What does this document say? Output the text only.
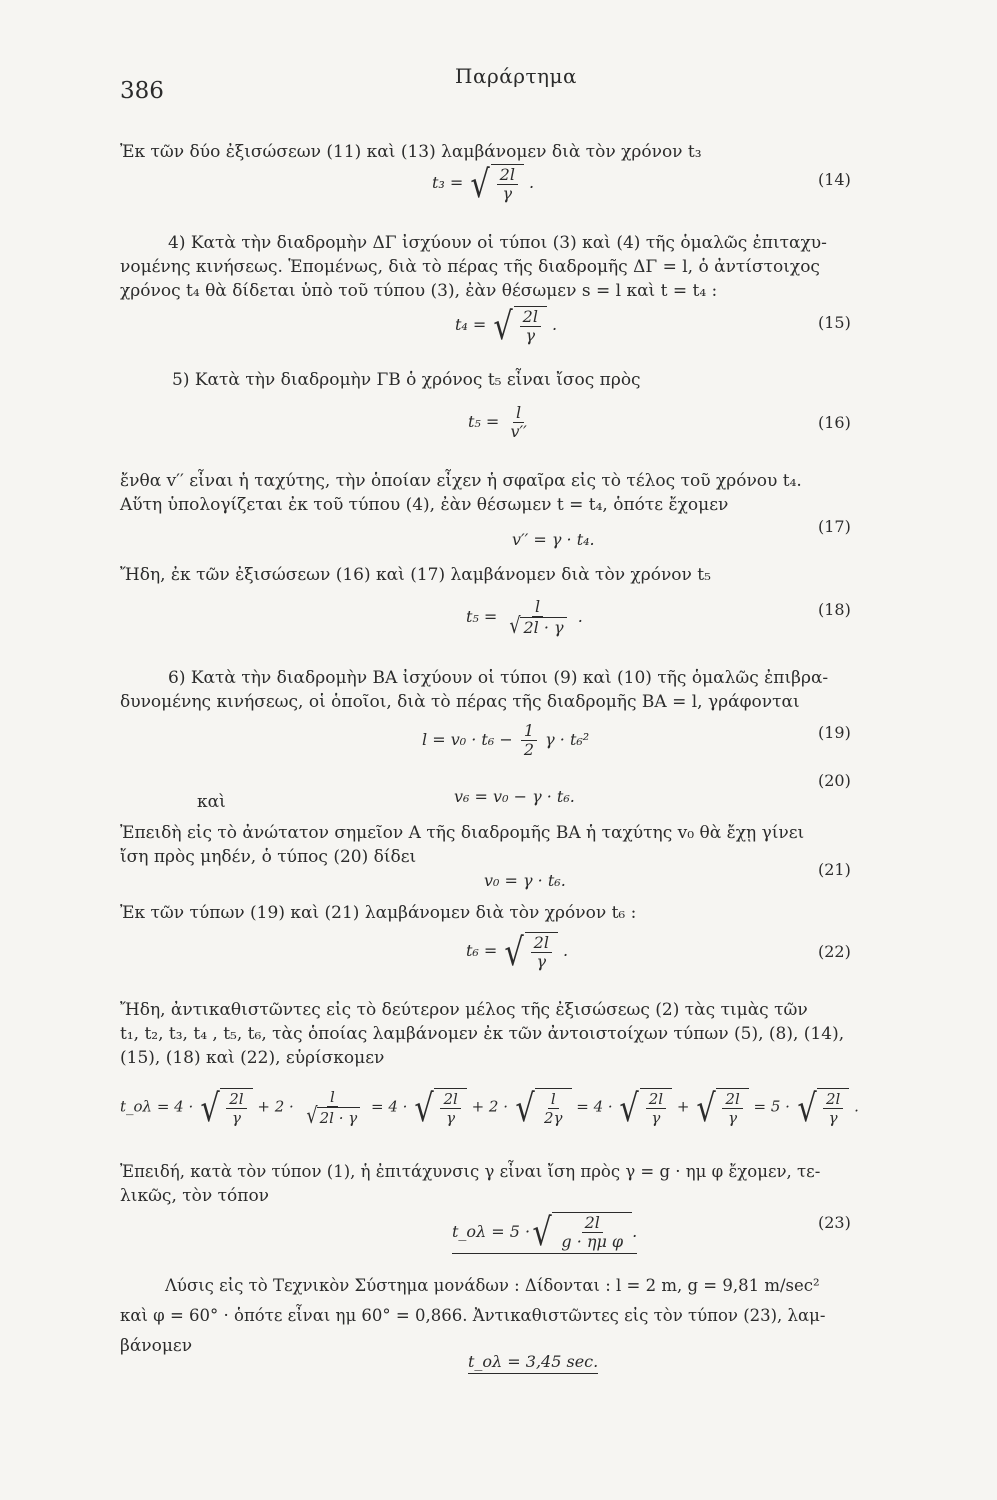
386
Παράρτημα
Ἐκ τῶν δύο ἐξισώσεων (11) καὶ (13) λαμβάνομεν διὰ τὸν χρόνον t₃
t₃ = √ $\frac{2l}{\gamma}$ .	(14)
4) Κατὰ τὴν διαδρομὴν ΔΓ ἰσχύουν οἱ τύποι (3) καὶ (4) τῆς ὁμαλῶς ἐπιταχυ-
νομένης κινήσεως. Ἑπομένως, διὰ τὸ πέρας τῆς διαδρομῆς ΔΓ = l, ὁ ἀντίστοιχος
χρόνος t₄ θὰ δίδεται ὑπὸ τοῦ τύπου (3), ἐὰν θέσωμεν s = l καὶ t = t₄ :
t₄ = √ $\frac{2l}{\gamma}$ .	(15)
5) Κατὰ τὴν διαδρομὴν ΓΒ ὁ χρόνος t₅ εἶναι ἴσος πρὸς
$t_5 = \frac{l}{v''}$	(16)
ἔνθα v′′ εἶναι ἡ ταχύτης, τὴν ὁποίαν εἶχεν ἡ σφαῖρα εἰς τὸ τέλος τοῦ χρόνου t₄.
Αὕτη ὑπολογίζεται ἐκ τοῦ τύπου (4), ἐὰν θέσωμεν t = t₄, ὁπότε ἔχομεν
v′′ = γ · t₄.
(17)
Ἤδη, ἐκ τῶν ἐξισώσεων (16) καὶ (17) λαμβάνομεν διὰ τὸν χρόνον t₅
$t_5 = \frac{l}{√ 2l \cdot \gamma}$ .	(18)
6) Κατὰ τὴν διαδρομὴν ΒΑ ἰσχύουν οἱ τύποι (9) καὶ (10) τῆς ὁμαλῶς ἐπιβρα-
δυνομένης κινήσεως, οἱ ὁποῖοι, διὰ τὸ πέρας τῆς διαδρομῆς ΒΑ = l, γράφονται
$l = v_0 \cdot t_6 - \frac{1}{2}$ γ · t₆²	(19)
καὶ	v₆ = v₀ − γ · t₆.
(20)
Ἐπειδὴ εἰς τὸ ἀνώτατον σημεῖον Α τῆς διαδρομῆς ΒΑ ἡ ταχύτης v₀ θὰ ἔχῃ γίνει
ἴση πρὸς μηδέν, ὁ τύπος (20) δίδει
v₀ = γ · t₆.
(21)
Ἐκ τῶν τύπων (19) καὶ (21) λαμβάνομεν διὰ τὸν χρόνον t₆ :
t₆ = √ $\frac{2l}{\gamma}$ .	(22)
Ἤδη, ἀντικαθιστῶντες εἰς τὸ δεύτερον μέλος τῆς ἐξισώσεως (2) τὰς τιμὰς τῶν
t₁, t₂, t₃, t₄ , t₅, t₆, τὰς ὁποίας λαμβάνομεν ἐκ τῶν ἀντοιστοίχων τύπων (5), (8), (14),
(15), (18) καὶ (22), εὑρίσκομεν
t_ολ = 4 · √ $\frac{2l}{\gamma} + 2 \cdot \frac{l}{√ 2l \cdot \gamma} = 4$ · √ $\frac{2l}{\gamma} + 2$ · √ $\frac{l}{2\gamma} = 4$ · √ $\frac{2l}{\gamma}$ + √ $\frac{2l}{\gamma} = 5$ · √ $\frac{2l}{\gamma}$ .
Ἐπειδή, κατὰ τὸν τύπον (1), ἡ ἐπιτάχυνσις γ εἶναι ἴση πρὸς γ = g · ημ φ ἔχομεν, τε-
λικῶς, τὸν τόπον
t_ολ = 5 · √ $\frac{2l}{\text{g · ημ φ}}$ .	(23)
Λύσις εἰς τὸ Τεχνικὸν Σύστημα μονάδων : Δίδονται : l = 2 m, g = 9,81 m/sec²
καὶ φ = 60° · ὁπότε εἶναι ημ 60° = 0,866. Ἀντικαθιστῶντες εἰς τὸν τύπον (23), λαμ-
βάνομεν
t_ολ = 3,45 sec.
